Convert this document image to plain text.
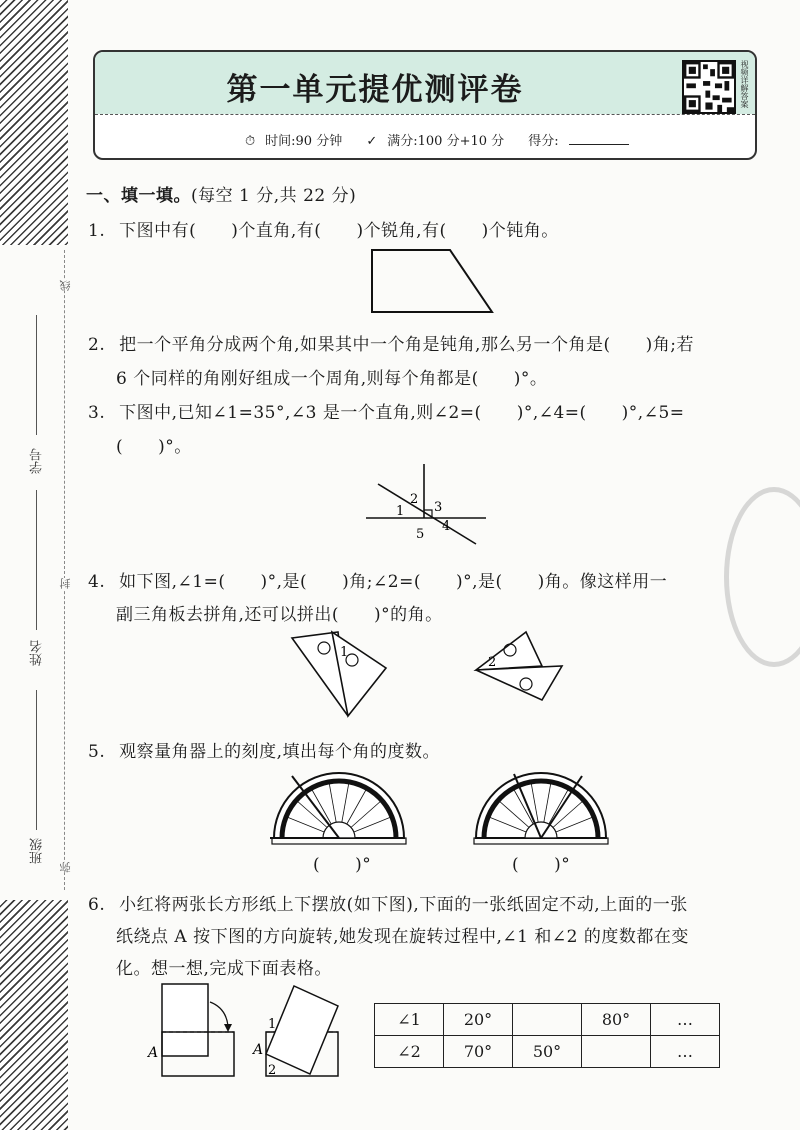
线
封
弥
学号
姓名
班级
第一单元提优测评卷
⏱ 时间:90 分钟 ✓ 满分:100 分+10 分 得分:
视频详解答案
一、填一填。(每空 1 分,共 22 分)
1. 下图中有(　　)个直角,有(　　)个锐角,有(　　)个钝角。
2. 把一个平角分成两个角,如果其中一个角是钝角,那么另一个角是(　　)角;若
6 个同样的角刚好组成一个周角,则每个角都是(　　)°。
3. 下图中,已知∠1=35°,∠3 是一个直角,则∠2=(　　)°,∠4=(　　)°,∠5=
(　　)°。
1
2
3
4
5
4. 如下图,∠1=(　　)°,是(　　)角;∠2=(　　)°,是(　　)角。像这样用一
副三角板去拼角,还可以拼出(　　)°的角。
1
2
5. 观察量角器上的刻度,填出每个角的度数。
(　　)°	(　　)°
6. 小红将两张长方形纸上下摆放(如下图),下面的一张纸固定不动,上面的一张
纸绕点 A 按下图的方向旋转,她发现在旋转过程中,∠1 和∠2 的度数都在变
化。想一想,完成下面表格。
A	A
1
2
∠1	20°		80°	…
∠2	70°	50°		…
